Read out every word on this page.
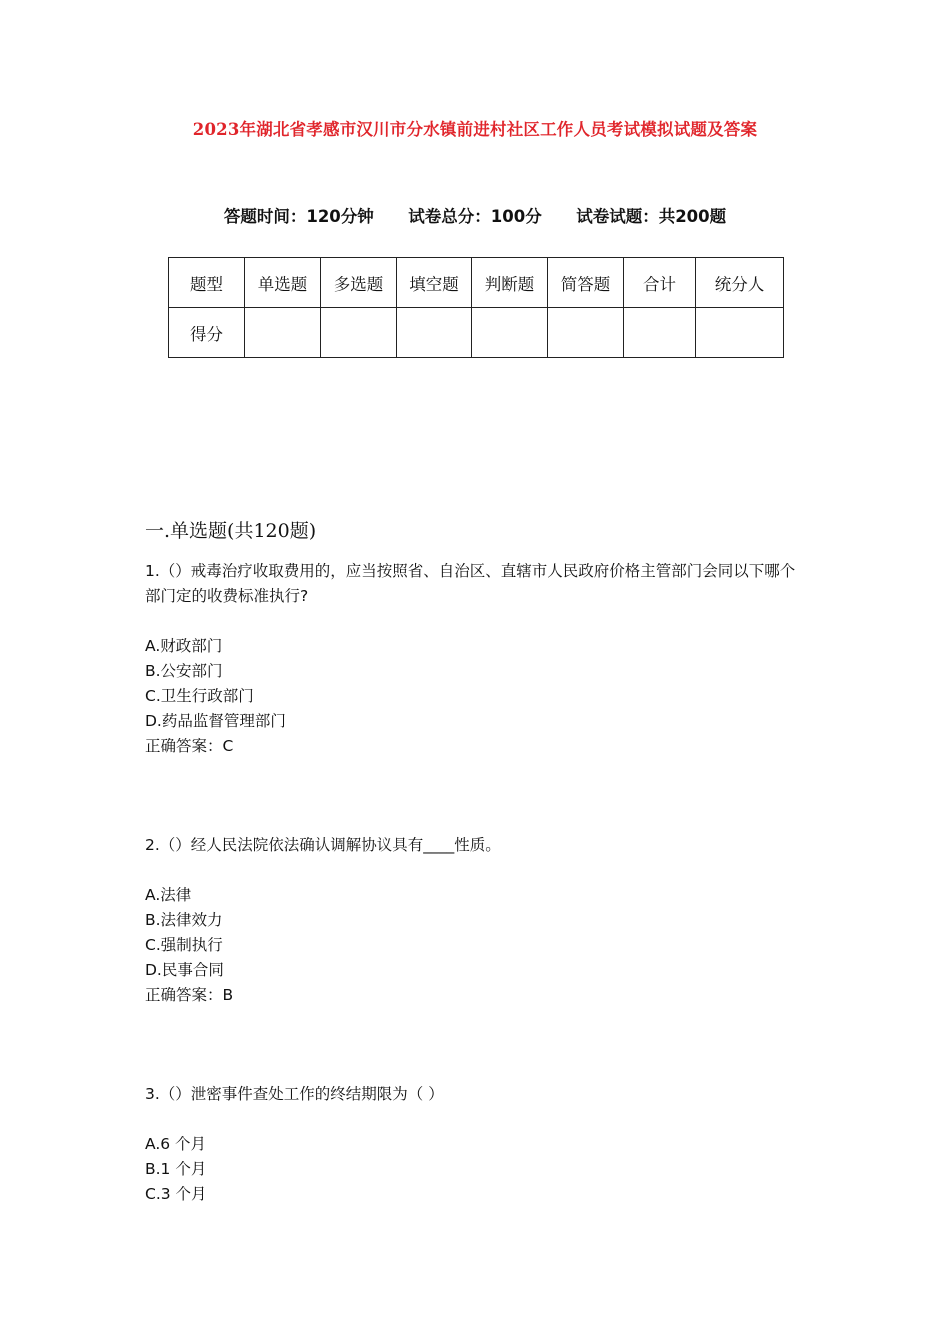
2023年湖北省孝感市汉川市分水镇前进村社区工作人员考试模拟试题及答案
答题时间：120分钟 试卷总分：100分 试卷试题：共200题
题型	单选题	多选题	填空题	判断题	简答题	合计	统分人
得分							
一.单选题(共120题)
1.（）戒毒治疗收取费用的，应当按照省、自治区、直辖市人民政府价格主管部门会同以下哪个部门定的收费标准执行?
A.财政部门
B.公安部门
C.卫生行政部门
D.药品监督管理部门
正确答案：C
2.（）经人民法院依法确认调解协议具有____性质。
A.法律
B.法律效力
C.强制执行
D.民事合同
正确答案：B
3.（）泄密事件查处工作的终结期限为（ ）
A.6 个月
B.1 个月
C.3 个月
